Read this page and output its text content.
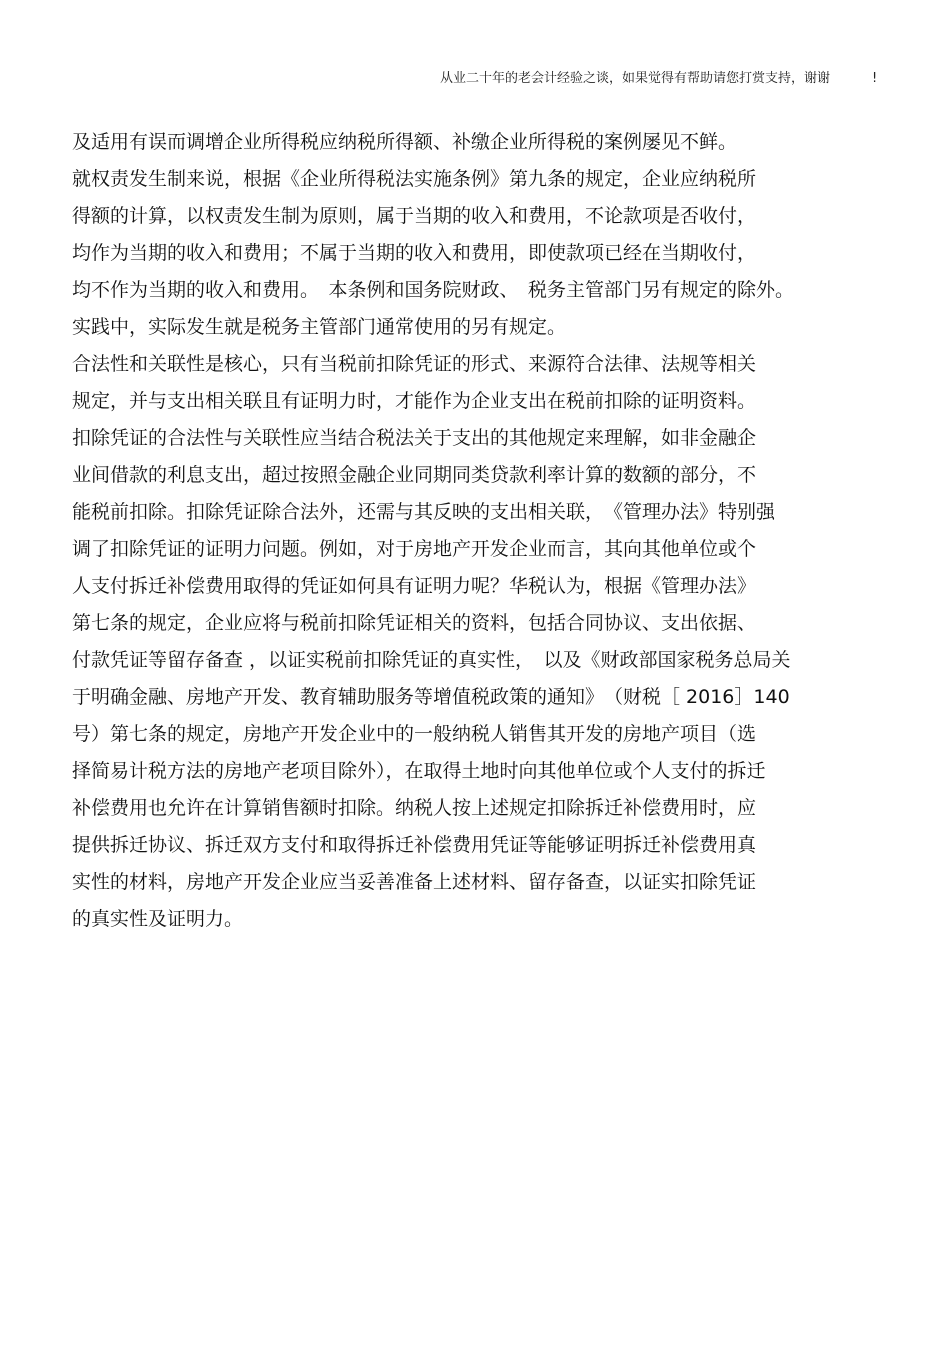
从业二十年的老会计经验之谈，如果觉得有帮助请您打赏支持，谢谢	!
及适用有误而调增企业所得税应纳税所得额、补缴企业所得税的案例屡见不鲜。
就权责发生制来说，根据《企业所得税法实施条例》第九条的规定，企业应纳税所
得额的计算，以权责发生制为原则，属于当期的收入和费用，不论款项是否收付，
均作为当期的收入和费用；不属于当期的收入和费用，即使款项已经在当期收付，
均不作为当期的收入和费用。　本条例和国务院财政、　税务主管部门另有规定的除外。
实践中，实际发生就是税务主管部门通常使用的另有规定。
合法性和关联性是核心，只有当税前扣除凭证的形式、来源符合法律、法规等相关
规定，并与支出相关联且有证明力时，才能作为企业支出在税前扣除的证明资料。
扣除凭证的合法性与关联性应当结合税法关于支出的其他规定来理解，如非金融企
业间借款的利息支出，超过按照金融企业同期同类贷款利率计算的数额的部分，不
能税前扣除。扣除凭证除合法外，还需与其反映的支出相关联，　《管理办法》特别强
调了扣除凭证的证明力问题。例如，对于房地产开发企业而言，其向其他单位或个
人支付拆迁补偿费用取得的凭证如何具有证明力呢？华税认为，根据《管理办法》
第七条的规定，企业应将与税前扣除凭证相关的资料，包括合同协议、支出依据、
付款凭证等留存备查 ，以证实税前扣除凭证的真实性，　以及《财政部国家税务总局关
于明确金融、房地产开发、教育辅助服务等增值税政策的通知》　（财税［ 2016］140
号）第七条的规定，房地产开发企业中的一般纳税人销售其开发的房地产项目（选
择简易计税方法的房地产老项目除外），在取得土地时向其他单位或个人支付的拆迁
补偿费用也允许在计算销售额时扣除。纳税人按上述规定扣除拆迁补偿费用时，应
提供拆迁协议、拆迁双方支付和取得拆迁补偿费用凭证等能够证明拆迁补偿费用真
实性的材料，房地产开发企业应当妥善准备上述材料、留存备查，以证实扣除凭证
的真实性及证明力。
